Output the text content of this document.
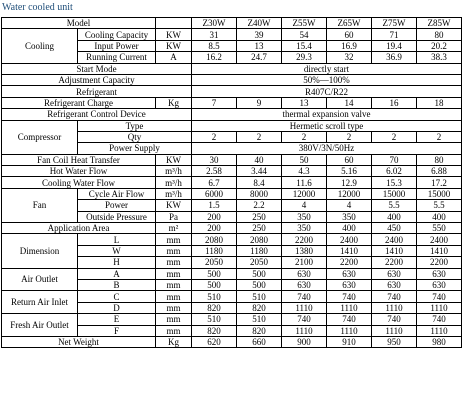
Water cooled unit
Model			Z30W	Z40W	Z55W	Z65W	Z75W	Z85W
Cooling	Cooling Capacity	KW	31	39	54	60	71	80
	Input Power	KW	8.5	13	15.4	16.9	19.4	20.2
	Running Current	A	16.2	24.7	29.3	32	36.9	38.3
Start Mode			directly start					
Adjustment Capacity			50%—100%					
Refrigerant			R407C/R22					
Refrigerant Charge		Kg	7	9	13	14	16	18
Refrigerant Control Device			thermal expansion valve					
Compressor	Type		Hermetic scroll type					
	Qty		2	2	2	2	2	2
	Power Supply		380V/3N/50Hz					
Fan Coil Heat Transfer		KW	30	40	50	60	70	80
Hot Water Flow		m³/h	2.58	3.44	4.3	5.16	6.02	6.88
Cooling Water Flow		m³/h	6.7	8.4	11.6	12.9	15.3	17.2
Fan	Cycle Air Flow	m³/h	6000	8000	12000	12000	15000	15000
	Power	KW	1.5	2.2	4	4	5.5	5.5
	Outside Pressure	Pa	200	250	350	350	400	400
Application Area		m²	200	250	350	400	450	550
Dimension	L	mm	2080	2080	2200	2400	2400	2400
	W	mm	1180	1180	1380	1410	1410	1410
	H	mm	2050	2050	2100	2200	2200	2200
Air Outlet	A	mm	500	500	630	630	630	630
	B	mm	500	500	630	630	630	630
Return Air Inlet	C	mm	510	510	740	740	740	740
	D	mm	820	820	1110	1110	1110	1110
Fresh Air Outlet	E	mm	510	510	740	740	740	740
	F	mm	820	820	1110	1110	1110	1110
Net Weight		Kg	620	660	900	910	950	980
